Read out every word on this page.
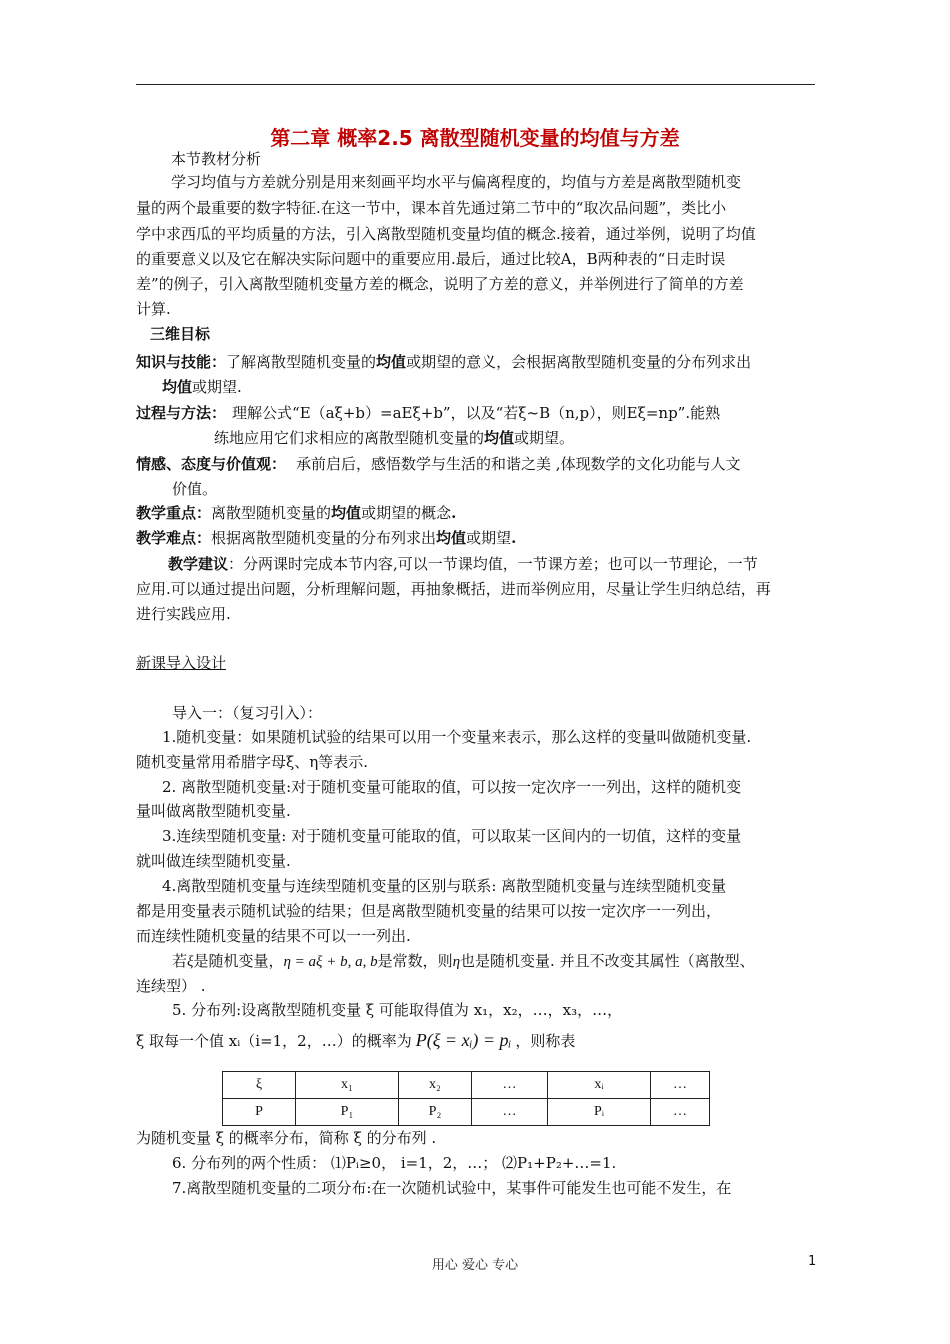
第二章 概率2.5 离散型随机变量的均值与方差
本节教材分析
学习均值与方差就分别是用来刻画平均水平与偏离程度的，均值与方差是离散型随机变
量的两个最重要的数字特征.在这一节中，课本首先通过第二节中的“取次品问题”，类比小
学中求西瓜的平均质量的方法，引入离散型随机变量均值的概念.接着，通过举例，说明了均值
的重要意义以及它在解决实际问题中的重要应用.最后，通过比较A，B两种表的“日走时误
差”的例子，引入离散型随机变量方差的概念，说明了方差的意义，并举例进行了简单的方差
计算.
三维目标
知识与技能：了解离散型随机变量的均值或期望的意义，会根据离散型随机变量的分布列求出
均值或期望.
过程与方法： 理解公式“E（aξ+b）=aEξ+b”，以及“若ξ~B（n,p），则Eξ=np”.能熟
练地应用它们求相应的离散型随机变量的均值或期望。
情感、态度与价值观： 承前启后，感悟数学与生活的和谐之美 ,体现数学的文化功能与人文
价值。
教学重点：离散型随机变量的均值或期望的概念.
教学难点：根据离散型随机变量的分布列求出均值或期望.
教学建议：分两课时完成本节内容,可以一节课均值，一节课方差；也可以一节理论，一节
应用.可以通过提出问题，分析理解问题，再抽象概括，进而举例应用，尽量让学生归纳总结，再
进行实践应用.
新课导入设计
导入一：（复习引入）：
1.随机变量：如果随机试验的结果可以用一个变量来表示，那么这样的变量叫做随机变量.
随机变量常用希腊字母ξ、η等表示.
2. 离散型随机变量:对于随机变量可能取的值，可以按一定次序一一列出，这样的随机变
量叫做离散型随机变量.
3.连续型随机变量: 对于随机变量可能取的值，可以取某一区间内的一切值，这样的变量
就叫做连续型随机变量.
4.离散型随机变量与连续型随机变量的区别与联系: 离散型随机变量与连续型随机变量
都是用变量表示随机试验的结果；但是离散型随机变量的结果可以按一定次序一一列出，
而连续性随机变量的结果不可以一一列出.
若ξ是随机变量，η = aξ + b, a, b是常数，则η也是随机变量. 并且不改变其属性（离散型、
连续型） .
5. 分布列:设离散型随机变量 ξ 可能取得值为 x₁，x₂，…，x₃，…，
ξ 取每一个值 xᵢ（i=1，2，…）的概率为 P(ξ = xᵢ) = pᵢ ，则称表
ξ	x₁	x₂	…	xᵢ	…
P	P₁	P₂	…	Pᵢ	…
为随机变量 ξ 的概率分布，简称 ξ 的分布列 .
6. 分布列的两个性质： ⑴Pᵢ≥0， i=1，2，…； ⑵P₁+P₂+…=1.
7.离散型随机变量的二项分布:在一次随机试验中，某事件可能发生也可能不发生，在
用心 爱心 专心	1
